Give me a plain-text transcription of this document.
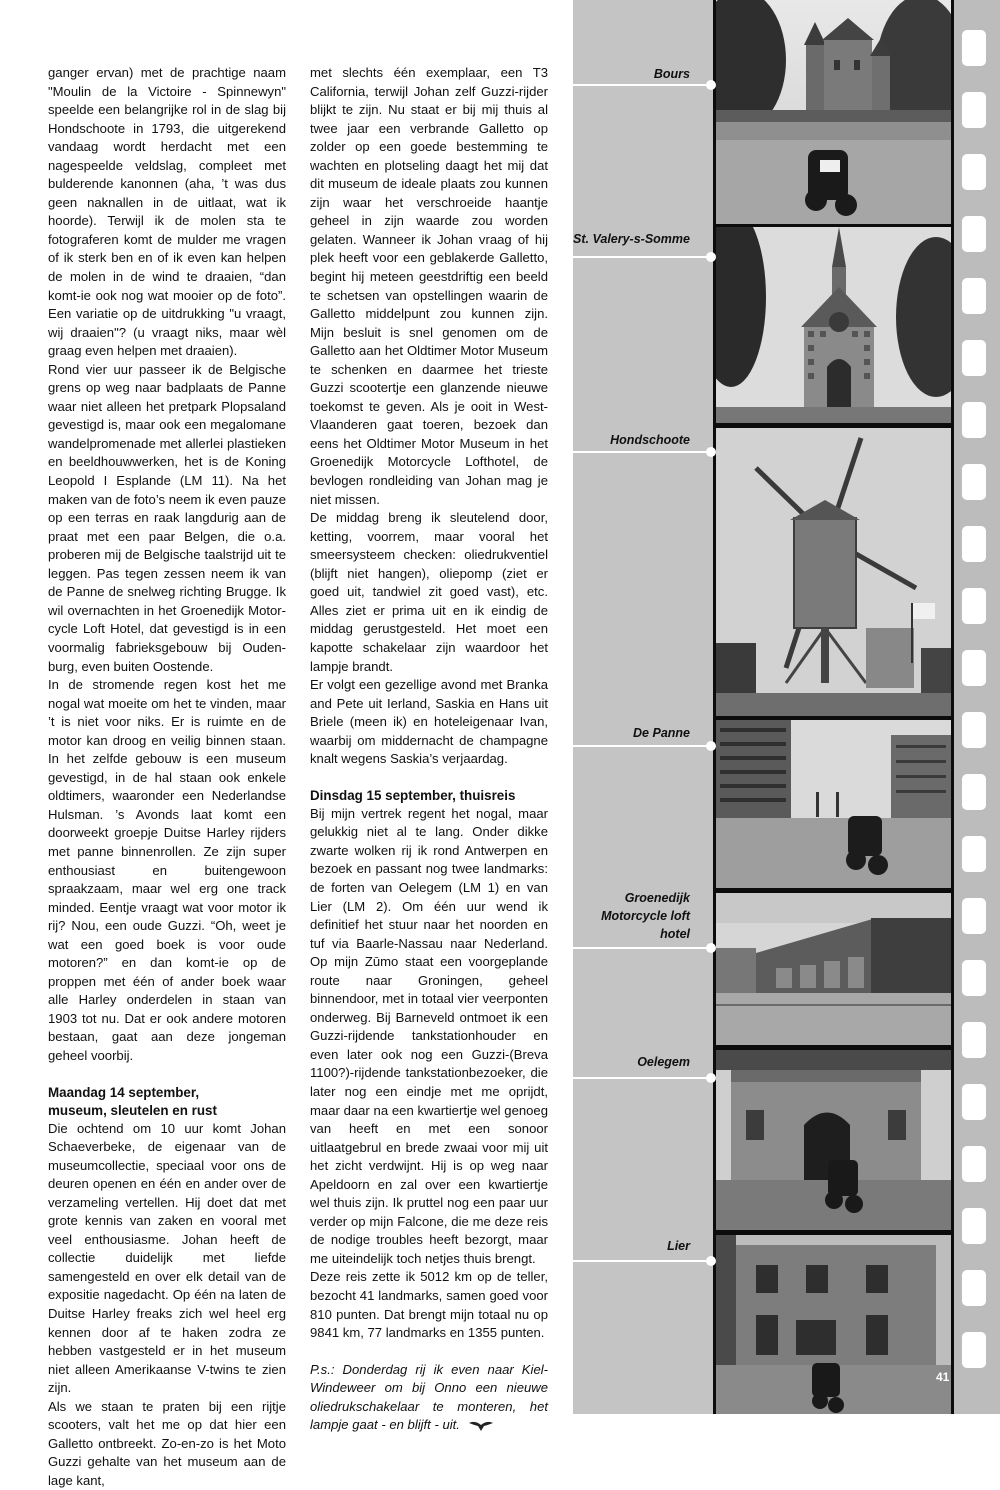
ganger ervan) met de prachtige naam "Moulin de la Victoire - Spinnewyn" speelde een belangrijke rol in de slag bij Hondschoote in 1793, die uitgerekend vandaag wordt herdacht met een nagespeelde veldslag, compleet met bulderende kanonnen (aha, ’t was dus geen naknallen in de uitlaat, wat ik hoorde). Terwijl ik de molen sta te fotograferen komt de mulder me vragen of ik sterk ben en of ik even kan helpen de molen in de wind te draaien, “dan komt-ie ook nog wat mooier op de foto”. Een variatie op de uitdrukking "u vraagt, wij draaien"? (u vraagt niks, maar wèl graag even helpen met draaien).

Rond vier uur passeer ik de Belgische grens op weg naar badplaats de Panne waar niet alleen het pretpark Plopsaland gevestigd is, maar ook een megalomane wandelpromenade met allerlei plastieken en beeldhouwwerken, het is de Koning Leopold I Esplande (LM 11). Na het maken van de foto’s neem ik even pauze op een terras en raak langdurig aan de praat met een paar Belgen, die o.a. proberen mij de Belgische taalstrijd uit te leggen. Pas tegen zessen neem ik van de Panne de snelweg richting Brugge. Ik wil overnachten in het Groenedijk Motor-cycle Loft Hotel, dat gevestigd is in een voormalig fabrieksgebouw bij Ouden-burg, even buiten Oostende.

In de stromende regen kost het me nogal wat moeite om het te vinden, maar ’t is niet voor niks. Er is ruimte en de motor kan droog en veilig binnen staan. In het zelfde gebouw is een museum gevestigd, in de hal staan ook enkele oldtimers, waaronder een Nederlandse Hulsman. ’s Avonds laat komt een doorweekt groepje Duitse Harley rijders met panne binnenrollen. Ze zijn super enthousiast en buitengewoon spraakzaam, maar wel erg one track minded. Eentje vraagt wat voor motor ik rij? Nou, een oude Guzzi. “Oh, weet je wat een goed boek is voor oude motoren?” en dan komt-ie op de proppen met één of ander boek waar alle Harley onderdelen in staan van 1903 tot nu. Dat er ook andere motoren bestaan, gaat aan deze jongeman geheel voorbij.

Maandag 14 september,
museum, sleutelen en rust

Die ochtend om 10 uur komt Johan Schaeverbeke, de eigenaar van de museumcollectie, speciaal voor ons de deuren openen en één en ander over de verzameling vertellen. Hij doet dat met grote kennis van zaken en vooral met veel enthousiasme. Johan heeft de collectie duidelijk met liefde samengesteld en over elk detail van de expositie nagedacht. Op één na laten de Duitse Harley freaks zich wel heel erg kennen door af te haken zodra ze hebben vastgesteld er in het museum niet alleen Amerikaanse V-twins te zien zijn.

Als we staan te praten bij een rijtje scooters, valt het me op dat hier een Galletto ontbreekt. Zo-en-zo is het Moto Guzzi gehalte van het museum aan de lage kant,

met slechts één exemplaar, een T3 California, terwijl Johan zelf Guzzi-rijder blijkt te zijn. Nu staat er bij mij thuis al twee jaar een verbrande Galletto op zolder op een goede bestemming te wachten en plotseling daagt het mij dat dit museum de ideale plaats zou kunnen zijn waar het verschroeide haantje geheel in zijn waarde zou worden gelaten. Wanneer ik Johan vraag of hij plek heeft voor een geblakerde Galletto, begint hij meteen geestdriftig een beeld te schetsen van opstellingen waarin de Galletto middelpunt zou kunnen zijn. Mijn besluit is snel genomen om de Galletto aan het Oldtimer Motor Museum te schenken en daarmee het trieste Guzzi scootertje een glanzende nieuwe toekomst te geven. Als je ooit in West-Vlaanderen gaat toeren, bezoek dan eens het Oldtimer Motor Museum in het Groenedijk Motorcycle Lofthotel, de bevlogen rondleiding van Johan mag je niet missen.

De middag breng ik sleutelend door, ketting, voorrem, maar vooral het smeersysteem checken: oliedrukventiel (blijft niet hangen), oliepomp (ziet er goed uit, tandwiel zit goed vast), etc. Alles ziet er prima uit en ik eindig de middag gerustgesteld. Het moet een kapotte schakelaar zijn waardoor het lampje brandt.

Er volgt een gezellige avond met Branka and Pete uit Ierland, Saskia en Hans uit Briele (meen ik) en hoteleigenaar Ivan, waarbij om middernacht de champagne knalt wegens Saskia’s verjaardag.

Dinsdag 15 september, thuisreis

Bij mijn vertrek regent het nogal, maar gelukkig niet al te lang. Onder dikke zwarte wolken rij ik rond Antwerpen en bezoek en passant nog twee landmarks: de forten van Oelegem (LM 1) en van Lier (LM 2). Om één uur wend ik definitief het stuur naar het noorden en tuf via Baarle-Nassau naar Nederland. Op mijn Zūmo staat een voorgeplande route naar Groningen, geheel binnendoor, met in totaal vier veerponten onderweg. Bij Barneveld ontmoet ik een Guzzi-rijdende tankstationhouder en even later ook nog een Guzzi-(Breva 1100?)-rijdende tankstationbezoeker, die later nog een eindje met me oprijdt, maar daar na een kwartiertje wel genoeg van heeft en met een sonoor uitlaatgebrul en brede zwaai voor mij uit het zicht verdwijnt. Hij is op weg naar Apeldoorn en zal over een kwartiertje wel thuis zijn. Ik pruttel nog een paar uur verder op mijn Falcone, die me deze reis de nodige troubles heeft bezorgt, maar me uiteindelijk toch netjes thuis brengt.

Deze reis zette ik 5012 km op de teller, bezocht 41 landmarks, samen goed voor 810 punten. Dat brengt mijn totaal nu op 9841 km, 77 landmarks en 1355 punten.

P.s.: Donderdag rij ik even naar Kiel-Windeweer om bij Onno een nieuwe oliedrukschakelaar te monteren, het lampje gaat - en blijft - uit.

Bours
St. Valery-s-Somme
Hondschoote
De Panne
Groenedijk
Motorcycle loft
hotel
Oelegem
Lier
41
